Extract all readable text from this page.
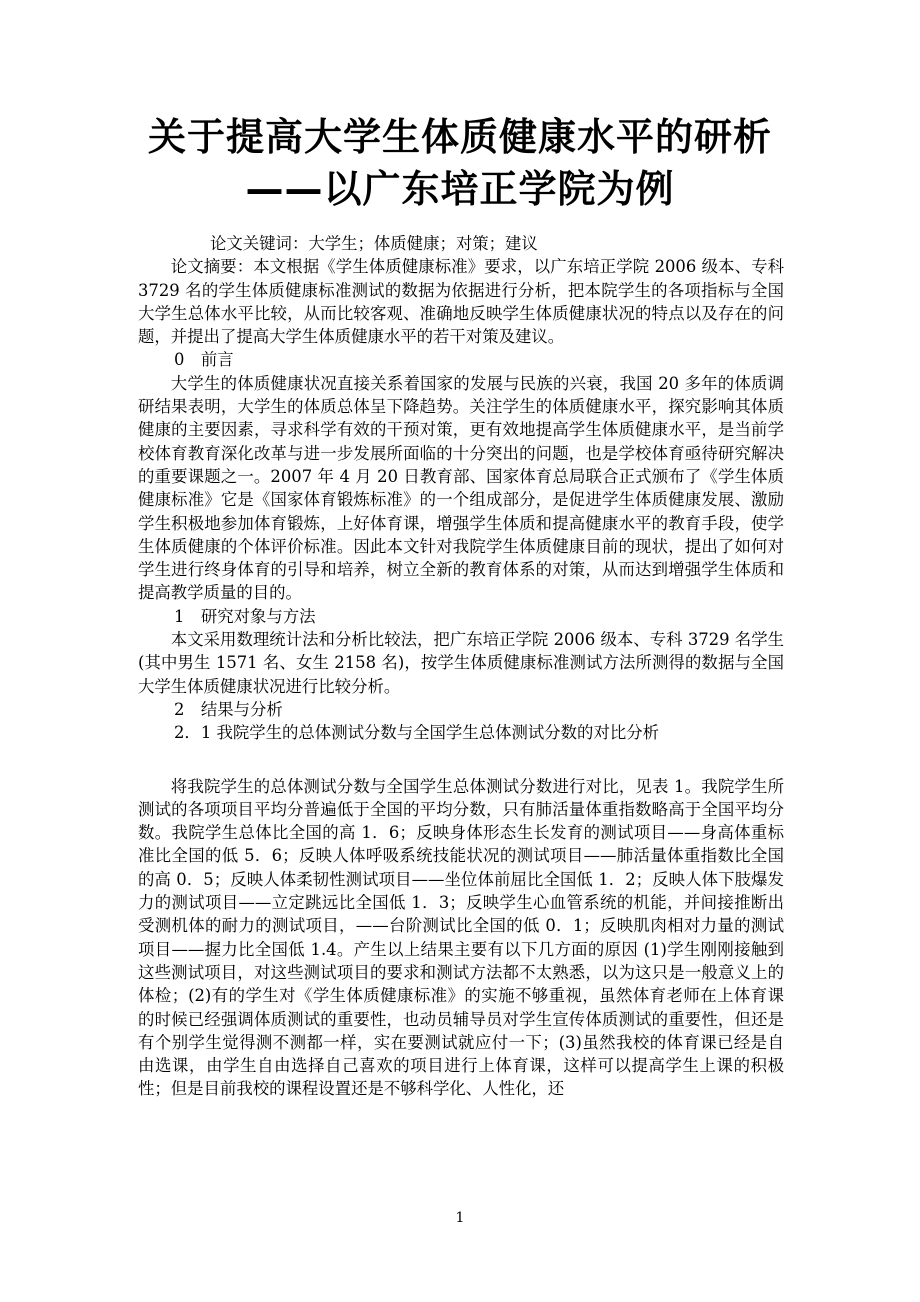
关于提高大学生体质健康水平的研析
——以广东培正学院为例

论文关键词：大学生；体质健康；对策；建议

论文摘要：本文根据《学生体质健康标准》要求，以广东培正学院 2006 级本、专科 3729 名的学生体质健康标准测试的数据为依据进行分析，把本院学生的各项指标与全国大学生总体水平比较，从而比较客观、准确地反映学生体质健康状况的特点以及存在的问题，并提出了提高大学生体质健康水平的若干对策及建议。

0　前言

大学生的体质健康状况直接关系着国家的发展与民族的兴衰，我国 20 多年的体质调研结果表明，大学生的体质总体呈下降趋势。关注学生的体质健康水平，探究影响其体质健康的主要因素，寻求科学有效的干预对策，更有效地提高学生体质健康水平，是当前学校体育教育深化改革与进一步发展所面临的十分突出的问题，也是学校体育亟待研究解决的重要课题之一。2007 年 4 月 20 日教育部、国家体育总局联合正式颁布了《学生体质健康标准》它是《国家体育锻炼标准》的一个组成部分，是促进学生体质健康发展、激励学生积极地参加体育锻炼，上好体育课，增强学生体质和提高健康水平的教育手段，使学生体质健康的个体评价标准。因此本文针对我院学生体质健康目前的现状，提出了如何对学生进行终身体育的引导和培养，树立全新的教育体系的对策，从而达到增强学生体质和提高教学质量的目的。

1　研究对象与方法

本文采用数理统计法和分析比较法，把广东培正学院 2006 级本、专科 3729 名学生(其中男生 1571 名、女生 2158 名)，按学生体质健康标准测试方法所测得的数据与全国大学生体质健康状况进行比较分析。

2　结果与分析

2．1 我院学生的总体测试分数与全国学生总体测试分数的对比分析

将我院学生的总体测试分数与全国学生总体测试分数进行对比，见表 1。我院学生所测试的各项项目平均分普遍低于全国的平均分数，只有肺活量体重指数略高于全国平均分数。我院学生总体比全国的高 1．6；反映身体形态生长发育的测试项目——身高体重标准比全国的低 5．6；反映人体呼吸系统技能状况的测试项目——肺活量体重指数比全国的高 0．5；反映人体柔韧性测试项目——坐位体前屈比全国低 1．2；反映人体下肢爆发力的测试项目——立定跳远比全国低 1．3；反映学生心血管系统的机能，并间接推断出受测机体的耐力的测试项目，——台阶测试比全国的低 0．1；反映肌肉相对力量的测试项目——握力比全国低 1.4。产生以上结果主要有以下几方面的原因 (1)学生刚刚接触到这些测试项目，对这些测试项目的要求和测试方法都不太熟悉，以为这只是一般意义上的体检；(2)有的学生对《学生体质健康标准》的实施不够重视，虽然体育老师在上体育课的时候已经强调体质测试的重要性，也动员辅导员对学生宣传体质测试的重要性，但还是有个别学生觉得测不测都一样，实在要测试就应付一下；(3)虽然我校的体育课已经是自由选课，由学生自由选择自己喜欢的项目进行上体育课，这样可以提高学生上课的积极性；但是目前我校的课程设置还是不够科学化、人性化，还

1
